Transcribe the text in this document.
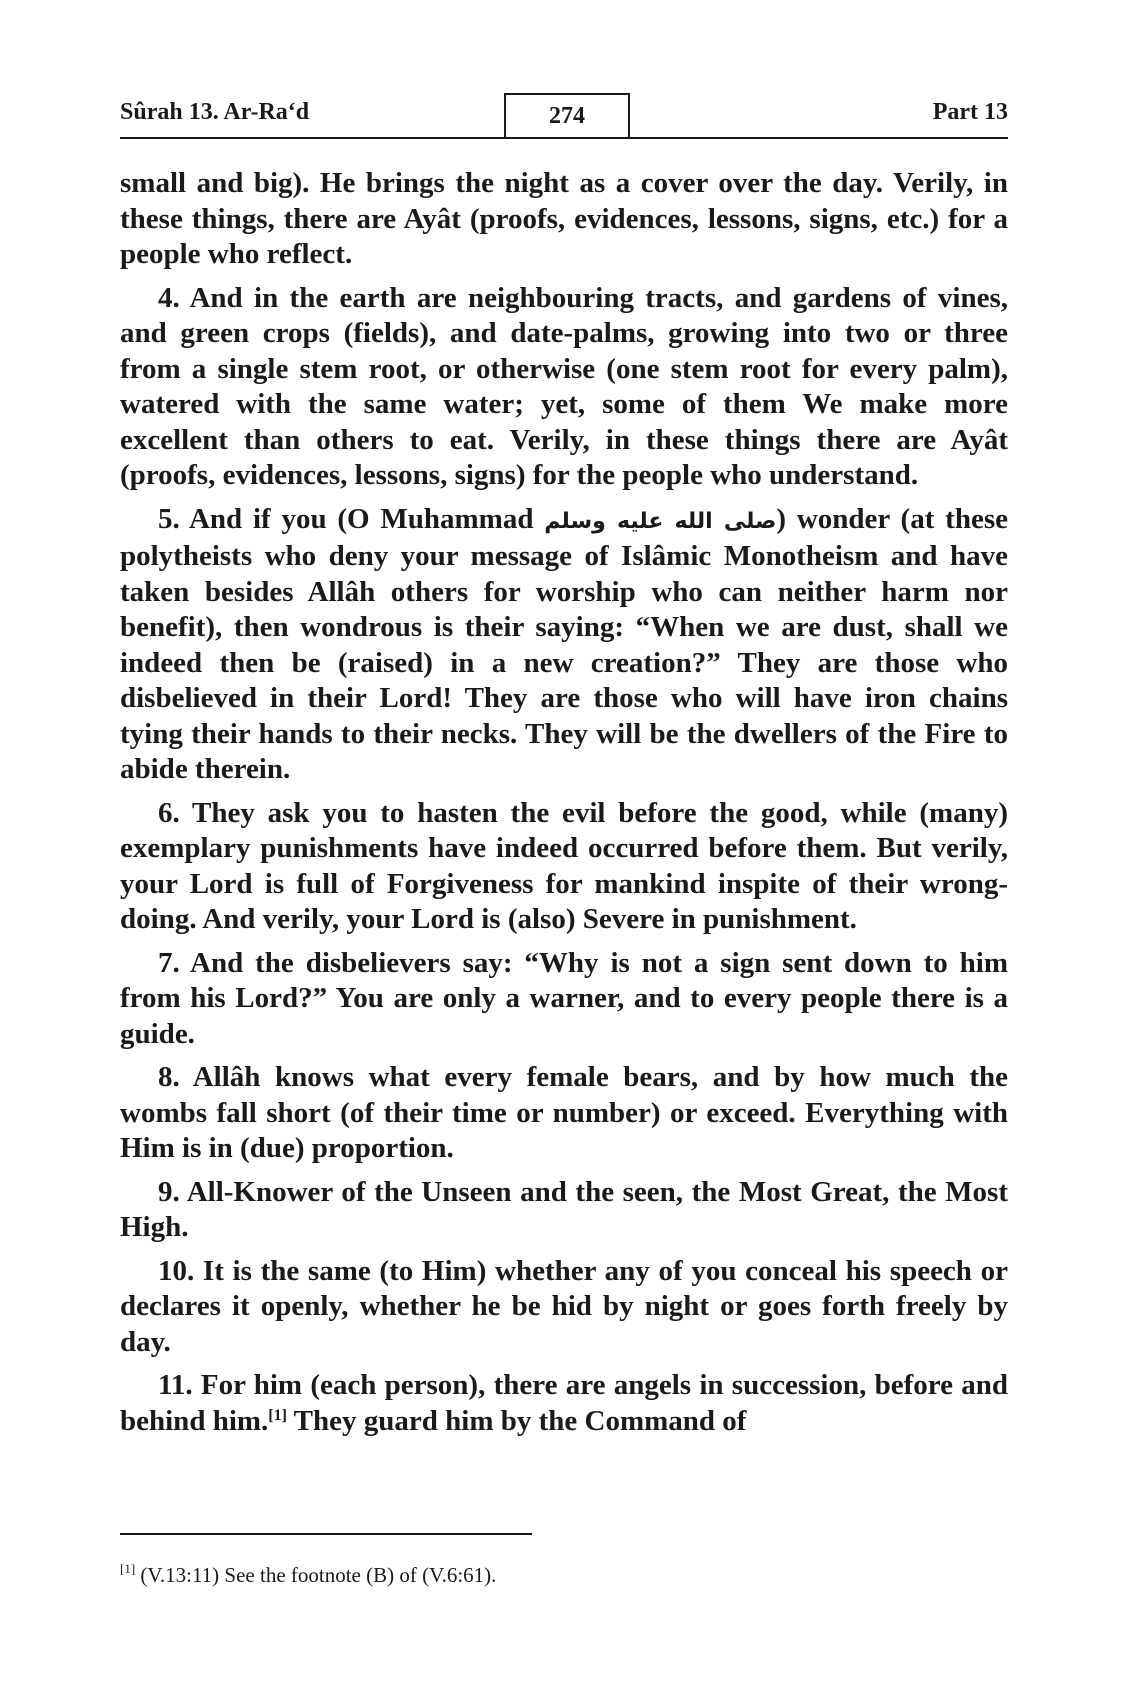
Sûrah 13. Ar-Ra‘d	274	Part 13

small and big). He brings the night as a cover over the day. Verily, in these things, there are Ayât (proofs, evidences, lessons, signs, etc.) for a people who reflect.

4. And in the earth are neighbouring tracts, and gardens of vines, and green crops (fields), and date-palms, growing into two or three from a single stem root, or otherwise (one stem root for every palm), watered with the same water; yet, some of them We make more excellent than others to eat. Verily, in these things there are Ayât (proofs, evidences, lessons, signs) for the people who understand.

5. And if you (O Muhammad صلى الله عليه وسلم) wonder (at these polytheists who deny your message of Islâmic Monotheism and have taken besides Allâh others for worship who can neither harm nor benefit), then wondrous is their saying: “When we are dust, shall we indeed then be (raised) in a new creation?” They are those who disbelieved in their Lord! They are those who will have iron chains tying their hands to their necks. They will be the dwellers of the Fire to abide therein.

6. They ask you to hasten the evil before the good, while (many) exemplary punishments have indeed occurred before them. But verily, your Lord is full of Forgiveness for mankind inspite of their wrong-doing. And verily, your Lord is (also) Severe in punishment.

7. And the disbelievers say: “Why is not a sign sent down to him from his Lord?” You are only a warner, and to every people there is a guide.

8. Allâh knows what every female bears, and by how much the wombs fall short (of their time or number) or exceed. Everything with Him is in (due) proportion.

9. All-Knower of the Unseen and the seen, the Most Great, the Most High.

10. It is the same (to Him) whether any of you conceal his speech or declares it openly, whether he be hid by night or goes forth freely by day.

11. For him (each person), there are angels in succession, before and behind him.[1] They guard him by the Command of

[1] (V.13:11) See the footnote (B) of (V.6:61).
